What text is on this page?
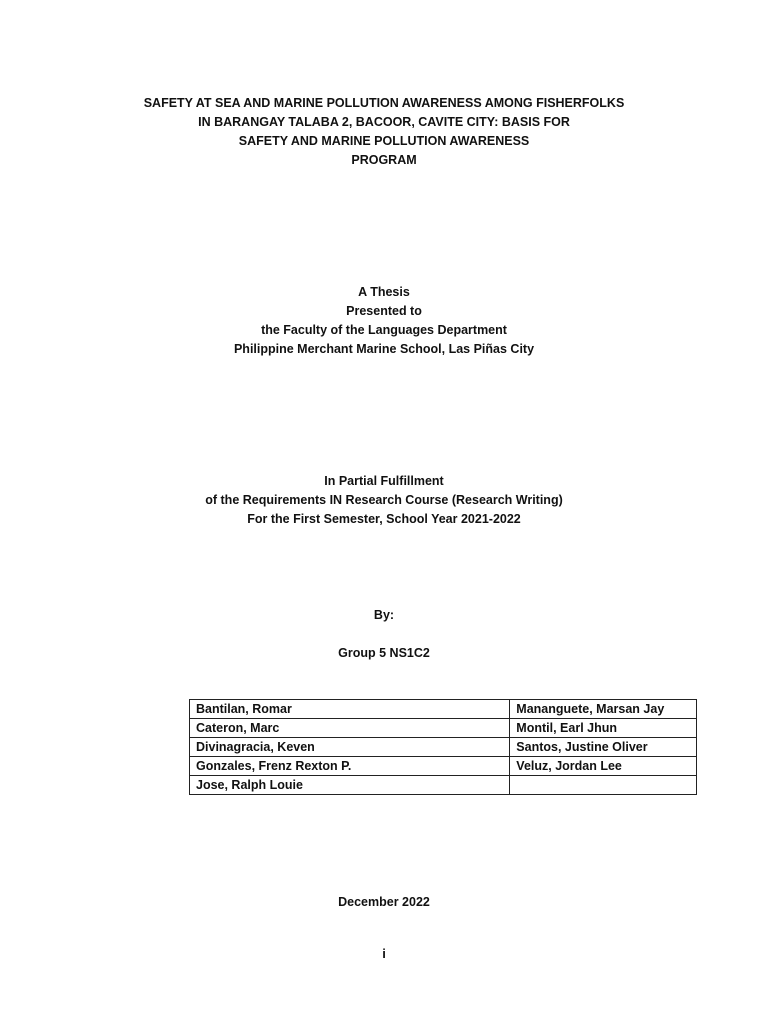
SAFETY AT SEA AND MARINE POLLUTION AWARENESS AMONG FISHERFOLKS
IN BARANGAY TALABA 2, BACOOR, CAVITE CITY: BASIS FOR
SAFETY AND MARINE POLLUTION AWARENESS
PROGRAM
A Thesis
Presented to
the Faculty of the Languages Department
Philippine Merchant Marine School, Las Piñas City
In Partial Fulfillment
of the Requirements IN Research Course (Research Writing)
For the First Semester, School Year 2021-2022
By:
Group 5 NS1C2
Bantilan, Romar	Mananguete, Marsan Jay
Cateron, Marc	Montil, Earl Jhun
Divinagracia, Keven	Santos, Justine Oliver
Gonzales, Frenz Rexton P.	Veluz, Jordan Lee
Jose, Ralph Louie	
December 2022
i
